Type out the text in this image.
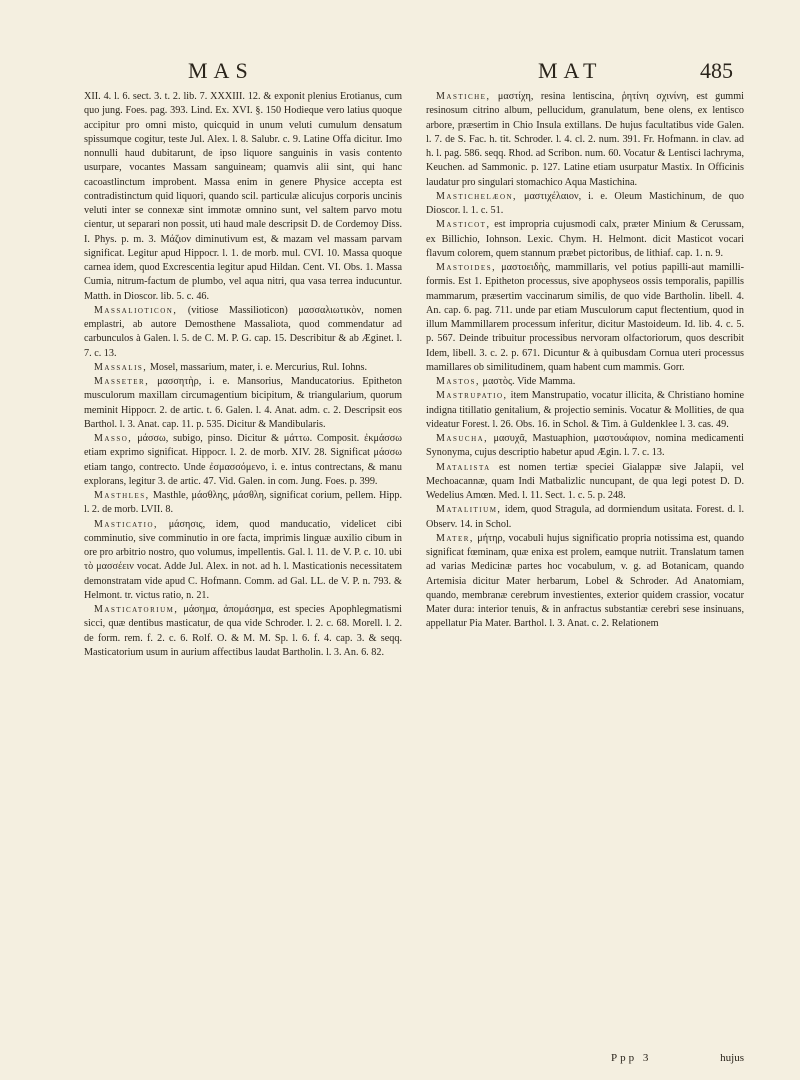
MAS	MAT	485

XII. 4. l. 6. sect. 3. t. 2. lib. 7. XXXIII. 12. & exponit plenius Erotianus, cum quo jung. Foes. pag. 393. Lind. Ex. XVI. §. 150 Hodieque vero latius quoque accipitur pro omni misto, quicquid in unum veluti cumulum densatum spissumque cogitur, teste Jul. Alex. l. 8. Salubr. c. 9. Latine Offa dicitur. Imo nonnulli haud dubitarunt, de ipso liquore sanguinis in vasis contento usurpare, vocantes Massam sanguineam; quamvis alii sint, qui hanc cacoastlinctum improbent. Massa enim in genere Physice accepta est contradistinctum quid liquori, quando scil. particulæ alicujus corporis uncinis veluti inter se connexæ sint immotæ omnino sunt, vel saltem parvo motu cientur, ut separari non possit, uti haud male descripsit D. de Cordemoy Diss. I. Phys. p. m. 3. Μάζιον diminutivum est, & mazam vel massam parvam significat. Legitur apud Hippocr. l. 1. de morb. mul. CVI. 10. Massa quoque carnea idem, quod Excrescentia legitur apud Hildan. Cent. VI. Obs. 1. Massa Cumia, nitrum-factum de plumbo, vel aqua nitri, qua vasa terrea inducuntur. Matth. in Dioscor. lib. 5. c. 46.

Massalioticon, (vitiose Massilioticon) μασσαλιωτικὸν, nomen emplastri, ab autore Demosthene Massaliota, quod commendatur ad carbunculos à Galen. l. 5. de C. M. P. G. cap. 15. Describitur & ab Æginet. l. 7. c. 13.

Massalis, Mosel, massarium, mater, i. e. Mercurius, Rul. Iohns.

Masseter, μασσητὴρ, i. e. Mansorius, Manducatorius. Epitheton musculorum maxillam circumagentium bicipitum, & triangularium, quorum meminit Hippocr. 2. de artic. t. 6. Galen. l. 4. Anat. adm. c. 2. Descripsit eos Barthol. l. 3. Anat. cap. 11. p. 535. Dicitur & Mandibularis.

Masso, μάσσω, subigo, pinso. Dicitur & μάττω. Composit. ἐκμάσσω etiam exprimo significat. Hippocr. l. 2. de morb. XIV. 28. Significat μάσσω etiam tango, contrecto. Unde ἐσμασσόμενο, i. e. intus contrectans, & manu explorans, legitur 3. de artic. 47. Vid. Galen. in com. Jung. Foes. p. 399.

Masthles, Masthle, μάσθλης, μάσθλη, significat corium, pellem. Hipp. l. 2. de morb. LVII. 8.

Masticatio, μάσησις, idem, quod manducatio, videlicet cibi comminutio, sive comminutio in ore facta, imprimis linguæ auxilio cibum in ore pro arbitrio nostro, quo volumus, impellentis. Gal. l. 11. de V. P. c. 10. ubi τὸ μασσέειν vocat. Adde Jul. Alex. in not. ad h. l. Masticationis necessitatem demonstratam vide apud C. Hofmann. Comm. ad Gal. LL. de V. P. n. 793. & Helmont. tr. victus ratio, n. 21.

Masticatorium, μάσημα, ἀπομάσημα, est species Apophlegmatismi sicci, quæ dentibus masticatur, de qua vide Schroder. l. 2. c. 68. Morell. l. 2. de form. rem. f. 2. c. 6. Rolf. O. & M. M. Sp. l. 6. f. 4. cap. 3. & seqq. Masticatorium usum in aurium affectibus laudat Bartholin. l. 3. An. 6. 82.

Mastiche, μαστίχη, resina lentiscina, ῥητίνη σχινίνη, est gummi resinosum citrino album, pellucidum, granulatum, bene olens, ex lentisco arbore, præsertim in Chio Insula extillans. De hujus facultatibus vide Galen. l. 7. de S. Fac. h. tit. Schroder. l. 4. cl. 2. num. 391. Fr. Hofmann. in clav. ad h. l. pag. 586. seqq. Rhod. ad Scribon. num. 60. Vocatur & Lentisci lachryma, Keuchen. ad Sammonic. p. 127. Latine etiam usurpatur Mastix. In Officinis laudatur pro singulari stomachico Aqua Mastichina.

Mastichelæon, μαστιχέλαιον, i. e. Oleum Mastichinum, de quo Dioscor. l. 1. c. 51.

Masticot, est impropria cujusmodi calx, præter Minium & Cerussam, ex Billichio, Iohnson. Lexic. Chym. H. Helmont. dicit Masticot vocari flavum colorem, quem stannum præbet pictoribus, de lithiaf. cap. 1. n. 9.

Mastoides, μαστοειδὴς, mammillaris, vel potius papilli-aut mamilli-formis. Est 1. Epitheton processus, sive apophyseos ossis temporalis, papillis mammarum, præsertim vaccinarum similis, de quo vide Bartholin. libell. 4. An. cap. 6. pag. 711. unde par etiam Musculorum caput flectentium, quod in illum Mammillarem processum inferitur, dicitur Mastoideum. Id. lib. 4. c. 5. p. 567. Deinde tribuitur processibus nervoram olfactoriorum, quos describit Idem, libell. 3. c. 2. p. 671. Dicuntur & à quibusdam Cornua uteri processus mamillares ob similitudinem, quam habent cum mammis. Gorr.

Mastos, μαστὸς. Vide Mamma.

Mastrupatio, item Manstrupatio, vocatur illicita, & Christiano homine indigna titillatio genitalium, & projectio seminis. Vocatur & Mollities, de qua videatur Forest. l. 26. Obs. 16. in Schol. & Tim. à Guldenklee l. 3. cas. 49.

Masucha, μασυχᾶ, Mastuaphion, μαστουάφιον, nomina medicamenti Synonyma, cujus descriptio habetur apud Ægin. l. 7. c. 13.

Matalista est nomen tertiæ speciei Gialappæ sive Jalapii, vel Mechoacannæ, quam Indi Matbalizlic nuncupant, de qua legi potest D. D. Wedelius Amœn. Med. l. 11. Sect. 1. c. 5. p. 248.

Matalitium, idem, quod Stragula, ad dormiendum usitata. Forest. d. l. Observ. 14. in Schol.

Mater, μήτηρ, vocabuli hujus significatio propria notissima est, quando significat fœminam, quæ enixa est prolem, eamque nutriit. Translatum tamen ad varias Medicinæ partes hoc vocabulum, v. g. ad Botanicam, quando Artemisia dicitur Mater herbarum, Lobel & Schroder. Ad Anatomiam, quando, membranæ cerebrum investientes, exterior quidem crassior, vocatur Mater dura: interior tenuis, & in anfractus substantiæ cerebri sese insinuans, appellatur Pia Mater. Barthol. l. 3. Anat. c. 2. Relationem

Ppp 3	hujus
